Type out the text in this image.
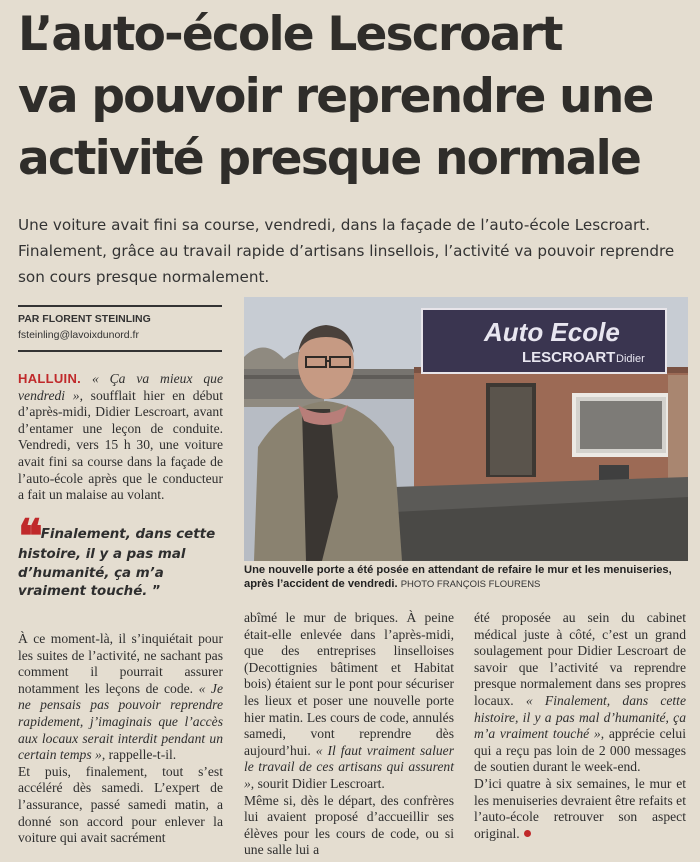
L’auto-école Lescroart
va pouvoir reprendre une
activité presque normale

Une voiture avait fini sa course, vendredi, dans la façade de l’auto-école Lescroart. Finalement, grâce au travail rapide d’artisans linsellois, l’activité va pouvoir reprendre son cours presque normalement.

PAR FLORENT STEINLING
fsteinling@lavoixdunord.fr

HALLUIN. « Ça va mieux que vendredi », soufflait hier en début d’après-midi, Didier Lescroart, avant d’entamer une leçon de conduite. Vendredi, vers 15 h 30, une voiture avait fini sa course dans la façade de l’auto-école après que le conducteur a fait un malaise au volant.

❝ Finalement, dans cette histoire, il y a pas mal d’humanité, ça m’a vraiment touché. ”

À ce moment-là, il s’inquiétait pour les suites de l’activité, ne sachant pas comment il pourrait assurer notamment les leçons de code. « Je ne pensais pas pouvoir reprendre rapidement, j’imaginais que l’accès aux locaux serait interdit pendant un certain temps », rappelle-t-il.

Et puis, finalement, tout s’est accéléré dès samedi. L’expert de l’assurance, passé samedi matin, a donné son accord pour enlever la voiture qui avait sacrément

Auto Ecole
LESCROART Didier
Une nouvelle porte a été posée en attendant de refaire le mur et les menuiseries, après l’accident de vendredi. PHOTO FRANÇOIS FLOURENS

abîmé le mur de briques. À peine était-elle enlevée dans l’après-midi, que des entreprises linselloises (Decottignies bâtiment et Habitat bois) étaient sur le pont pour sécuriser les lieux et poser une nouvelle porte hier matin. Les cours de code, annulés samedi, vont reprendre dès aujourd’hui. « Il faut vraiment saluer le travail de ces artisans qui assurent », sourit Didier Lescroart.

Même si, dès le départ, des confrères lui avaient proposé d’accueillir ses élèves pour les cours de code, ou si une salle lui a

été proposée au sein du cabinet médical juste à côté, c’est un grand soulagement pour Didier Lescroart de savoir que l’activité va reprendre presque normalement dans ses propres locaux. « Finalement, dans cette histoire, il y a pas mal d’humanité, ça m’a vraiment touché », apprécie celui qui a reçu pas loin de 2 000 messages de soutien durant le week-end.

D’ici quatre à six semaines, le mur et les menuiseries devraient être refaits et l’auto-école retrouver son aspect original.
